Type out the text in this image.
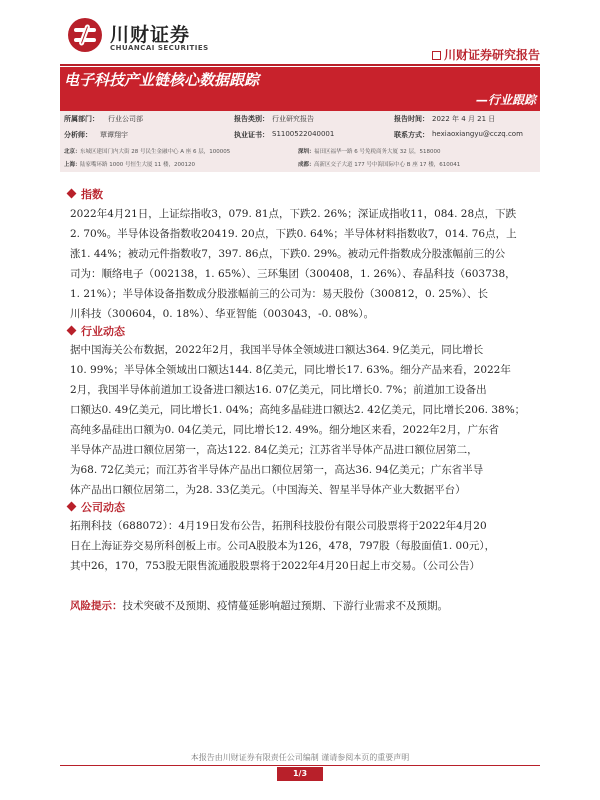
川财证券
CHUANCAI SECURITIES	川财证券研究报告
电子科技产业链核心数据跟踪
—行业跟踪
所属部门： 行业公司部	报告类别： 行业研究报告	报告时间： 2022 年 4 月 21 日
分析师： 覃谭翔宇	执业证书： S1100522040001	联系方式： hexiaoxiangyu@cczq.com
北京： 东城区建国门内大街 28 号民生金融中心 A 座 6 层，100005	深圳： 福田区福华一路 6 号免税商务大厦 32 层，518000
上海： 陆家嘴环路 1000 号恒生大厦 11 楼，200120	成都： 高新区交子大道 177 号中海国际中心 B 座 17 楼，610041
指数
2022年4月21日，上证综指收3，079. 81点，下跌2. 26%；深证成指收11，084. 28点，下跌
2. 70%。半导体设备指数收20419. 20点，下跌0. 64%；半导体材料指数收7，014. 76点，上
涨1. 44%；被动元件指数收7，397. 86点，下跌0. 29%。被动元件指数成分股涨幅前三的公
司为：顺络电子（002138，1. 65%）、三环集团（300408，1. 26%）、春晶科技（603738，
1. 21%）；半导体设备指数成分股涨幅前三的公司为：易天股份（300812，0. 25%）、长
川科技（300604，0. 18%）、华亚智能（003043，-0. 08%）。
行业动态
据中国海关公布数据，2022年2月，我国半导体全领域进口额达364. 9亿美元，同比增长
10. 99%；半导体全领域出口额达144. 8亿美元，同比增长17. 63%。细分产品来看，2022年
2月，我国半导体前道加工设备进口额达16. 07亿美元，同比增长0. 7%；前道加工设备出
口额达0. 49亿美元，同比增长1. 04%；高纯多晶硅进口额达2. 42亿美元，同比增长206. 38%；
高纯多晶硅出口额为0. 04亿美元，同比增长12. 49%。细分地区来看，2022年2月，广东省
半导体产品进口额位居第一，高达122. 84亿美元；江苏省半导体产品进口额位居第二，
为68. 72亿美元；而江苏省半导体产品出口额位居第一，高达36. 94亿美元；广东省半导
体产品出口额位居第二，为28. 33亿美元。（中国海关、智星半导体产业大数据平台）
公司动态
拓荆科技（688072）：4月19日发布公告，拓荆科技股份有限公司股票将于2022年4月20
日在上海证券交易所科创板上市。公司A股股本为126，478，797股（每股面值1. 00元），
其中26，170，753股无限售流通股股票将于2022年4月20日起上市交易。（公司公告）
风险提示：技术突破不及预期、疫情蔓延影响超过预期、下游行业需求不及预期。
本报告由川财证券有限责任公司编制 谨请参阅本页的重要声明
1/3
